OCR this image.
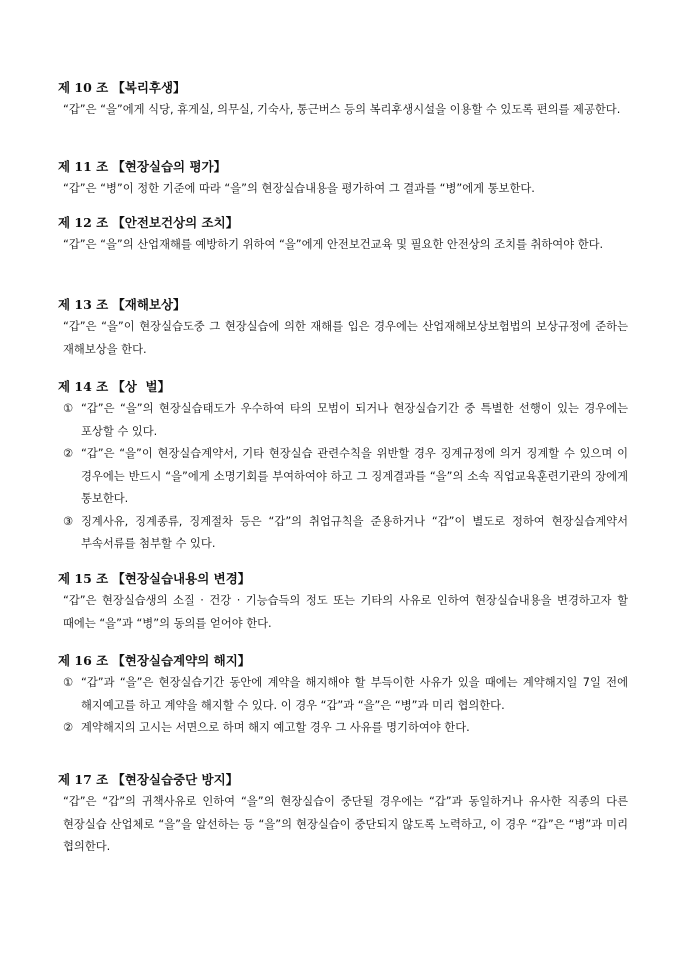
제 10 조 【복리후생】
“갑”은 “을”에게 식당, 휴게실, 의무실, 기숙사, 통근버스 등의 복리후생시설을 이용할 수 있도록 편의를 제공한다.
제 11 조 【현장실습의 평가】
“갑”은 “병”이 정한 기준에 따라 “을”의 현장실습내용을 평가하여 그 결과를 “병”에게 통보한다.
제 12 조 【안전보건상의 조치】
“갑”은 “을”의 산업재해를 예방하기 위하여 “을”에게 안전보건교육 및 필요한 안전상의 조치를 취하여야 한다.
제 13 조 【재해보상】
“갑”은 “을”이 현장실습도중 그 현장실습에 의한 재해를 입은 경우에는 산업재해보상보험법의 보상규정에 준하는 재해보상을 한다.
제 14 조 【상  벌】
① “갑”은 “을”의 현장실습태도가 우수하여 타의 모범이 되거나 현장실습기간 중 특별한 선행이 있는 경우에는 포상할 수 있다.
② “갑”은 “을”이 현장실습계약서, 기타 현장실습 관련수칙을 위반할 경우 징계규정에 의거 징계할 수 있으며 이 경우에는 반드시 “을”에게 소명기회를 부여하여야 하고 그 징계결과를 “을”의 소속 직업교육훈련기관의 장에게 통보한다.
③ 징계사유, 징계종류, 징계절차 등은 “갑”의 취업규칙을 준용하거나 “갑”이 별도로 정하여 현장실습계약서 부속서류를 첨부할 수 있다.
제 15 조 【현장실습내용의 변경】
“갑”은 현장실습생의 소질 · 건강 · 기능습득의 정도 또는 기타의 사유로 인하여 현장실습내용을 변경하고자 할 때에는 “을”과 “병”의 동의를 얻어야 한다.
제 16 조 【현장실습계약의 해지】
① “갑”과 “을”은 현장실습기간 동안에 계약을 해지해야 할 부득이한 사유가 있을 때에는 계약해지일 7일 전에 해지예고를 하고 계약을 해지할 수 있다. 이 경우 “갑”과 “을”은 “병”과 미리 협의한다.
② 계약해지의 고시는 서면으로 하며 해지 예고할 경우 그 사유를 명기하여야 한다.
제 17 조 【현장실습중단 방지】
“갑”은 “갑”의 귀책사유로 인하여 “을”의 현장실습이 중단될 경우에는 “갑”과 동일하거나 유사한 직종의 다른 현장실습 산업체로 “을”을 알선하는 등 “을”의 현장실습이 중단되지 않도록 노력하고, 이 경우 “갑”은 “병”과 미리 협의한다.
